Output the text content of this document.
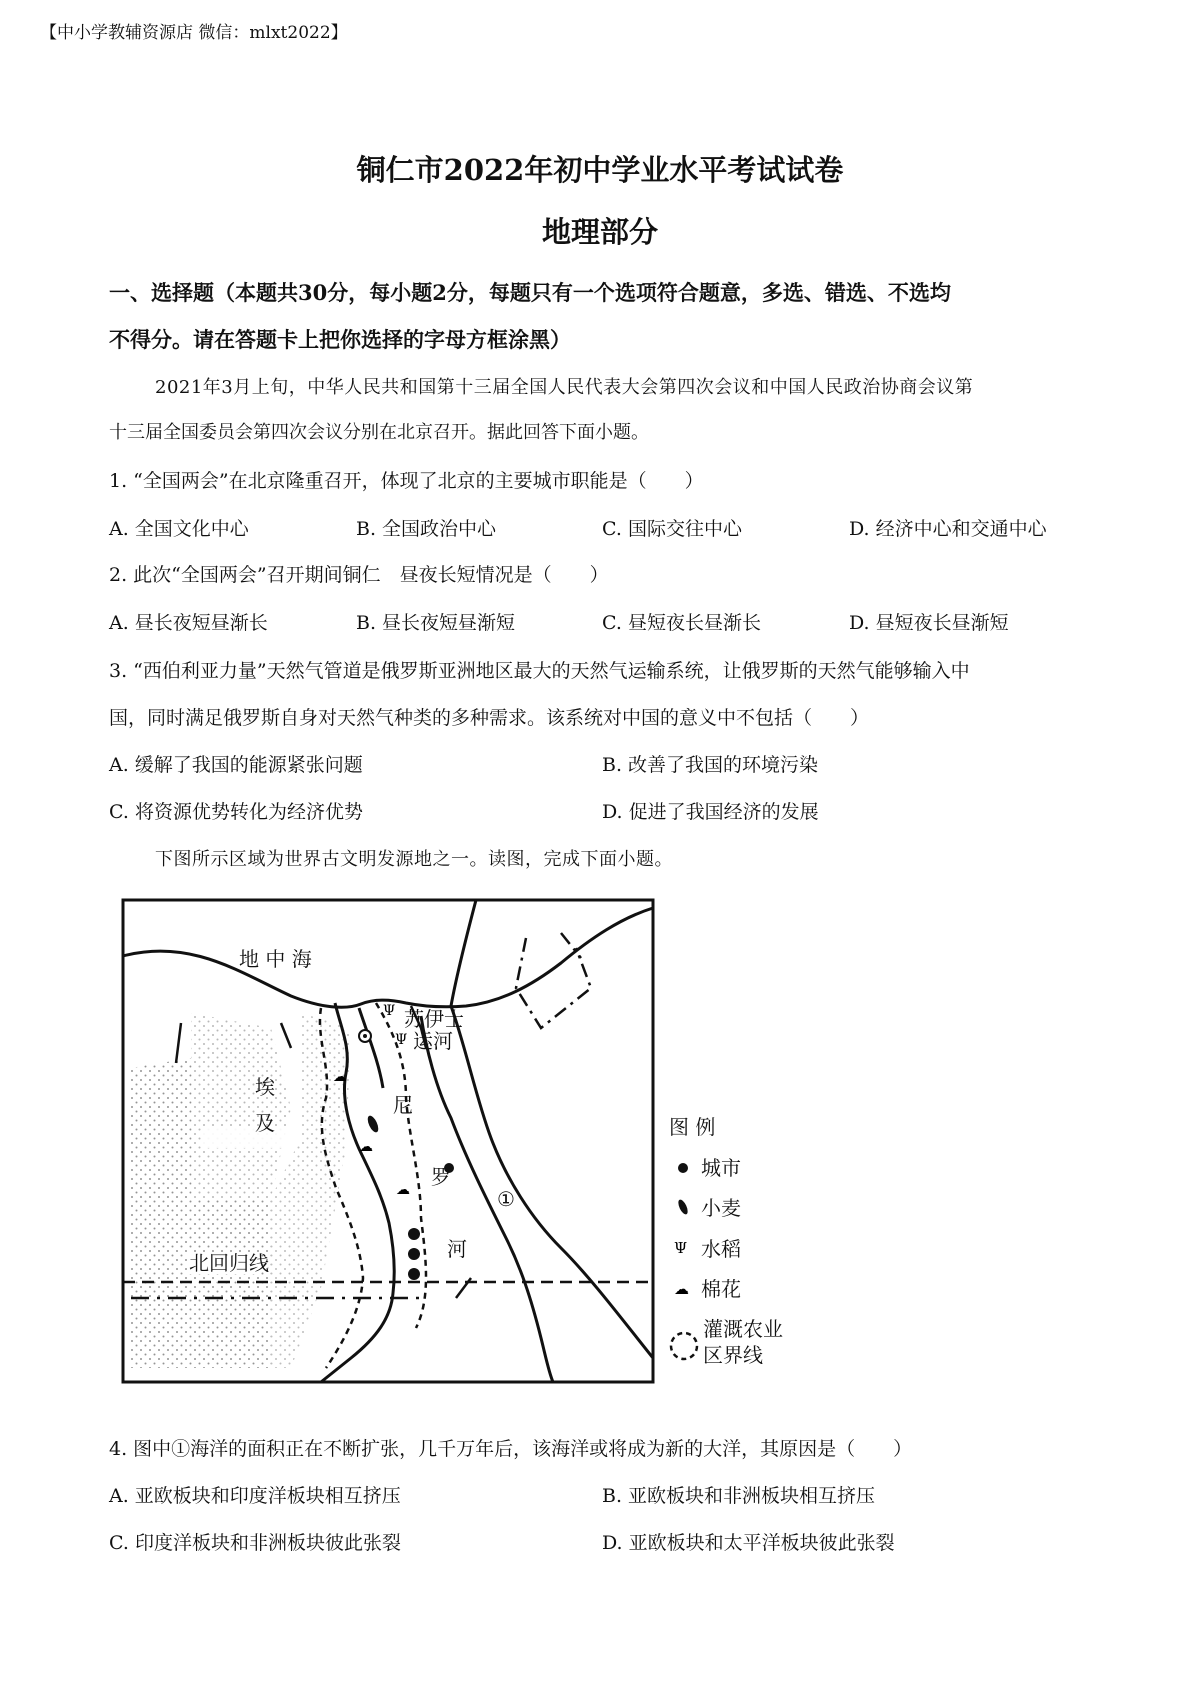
【中小学教辅资源店 微信：mlxt2022】
铜仁市2022年初中学业水平考试试卷
地理部分
一、选择题（本题共30分，每小题2分，每题只有一个选项符合题意，多选、错选、不选均
不得分。请在答题卡上把你选择的字母方框涂黑）
2021年3月上旬，中华人民共和国第十三届全国人民代表大会第四次会议和中国人民政治协商会议第
十三届全国委员会第四次会议分别在北京召开。据此回答下面小题。
1. “全国两会”在北京隆重召开，体现了北京的主要城市职能是（　　）
A. 全国文化中心	B. 全国政治中心	C. 国际交往中心	D. 经济中心和交通中心
2. 此次“全国两会”召开期间铜仁　昼夜长短情况是（　　）
A. 昼长夜短昼渐长	B. 昼长夜短昼渐短	C. 昼短夜长昼渐长	D. 昼短夜长昼渐短
3. “西伯利亚力量”天然气管道是俄罗斯亚洲地区最大的天然气运输系统，让俄罗斯的天然气能够输入中
国，同时满足俄罗斯自身对天然气种类的多种需求。该系统对中国的意义中不包括（　　）
A. 缓解了我国的能源紧张问题	B. 改善了我国的环境污染
C. 将资源优势转化为经济优势	D. 促进了我国经济的发展
下图所示区域为世界古文明发源地之一。读图，完成下面小题。
Ψ
Ψ
☁
☁
☁
地 中 海
苏伊士
运河
埃
及
尼
罗
河
北回归线
①
图 例
城市
小麦
Ψ 水稻
☁ 棉花
灌溉农业
区界线
4. 图中①海洋的面积正在不断扩张，几千万年后，该海洋或将成为新的大洋，其原因是（　　）
A. 亚欧板块和印度洋板块相互挤压	B. 亚欧板块和非洲板块相互挤压
C. 印度洋板块和非洲板块彼此张裂	D. 亚欧板块和太平洋板块彼此张裂
